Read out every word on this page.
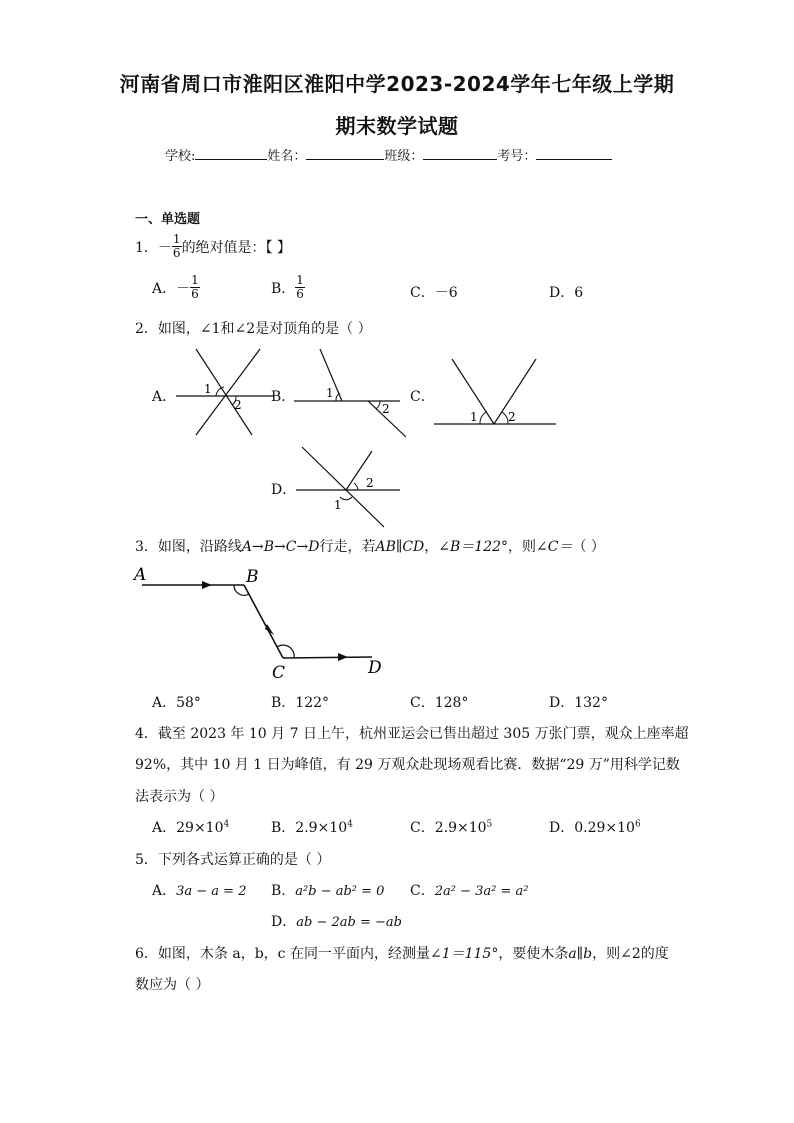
河南省周口市淮阳区淮阳中学2023-2024学年七年级上学期
期末数学试题
学校:	姓名：	班级：	考号：
一、单选题
1． － $\frac{1}{6}$ 的绝对值是：【 】
A． － $\frac{1}{6}$	B． $\frac{1}{6}$	C．－6	D．6
2．如图，∠1和∠2是对顶角的是（ ）
A． 1
2 B．	1
2
C．
1	2
D．
1
2
3．如图，沿路线A→B→C→D行走，若AB∥CD，∠B＝122°，则∠C＝（ ）
A	B
C	D
A．58°	B．122°	C．128°	D．132°
4．截至 2023 年 10 月 7 日上午，杭州亚运会已售出超过 305 万张门票，观众上座率超
92%，其中 10 月 1 日为峰值，有 29 万观众赴现场观看比赛．数据“29 万”用科学记数
法表示为（ ）
A．$29\times 10^4$	B．$2.9\times 10^4$	C．$2.9\times 10^5$	D．$0.29\times 10^6$
5．下列各式运算正确的是（ ）
A．3a − a = 2 B．a²b − ab² = 0 C．2a² − 3a² = a²
D．ab − 2ab = −ab
6．如图，木条 a，b，c 在同一平面内，经测量∠1＝115°，要使木条a∥b，则∠2的度
数应为（ ）
